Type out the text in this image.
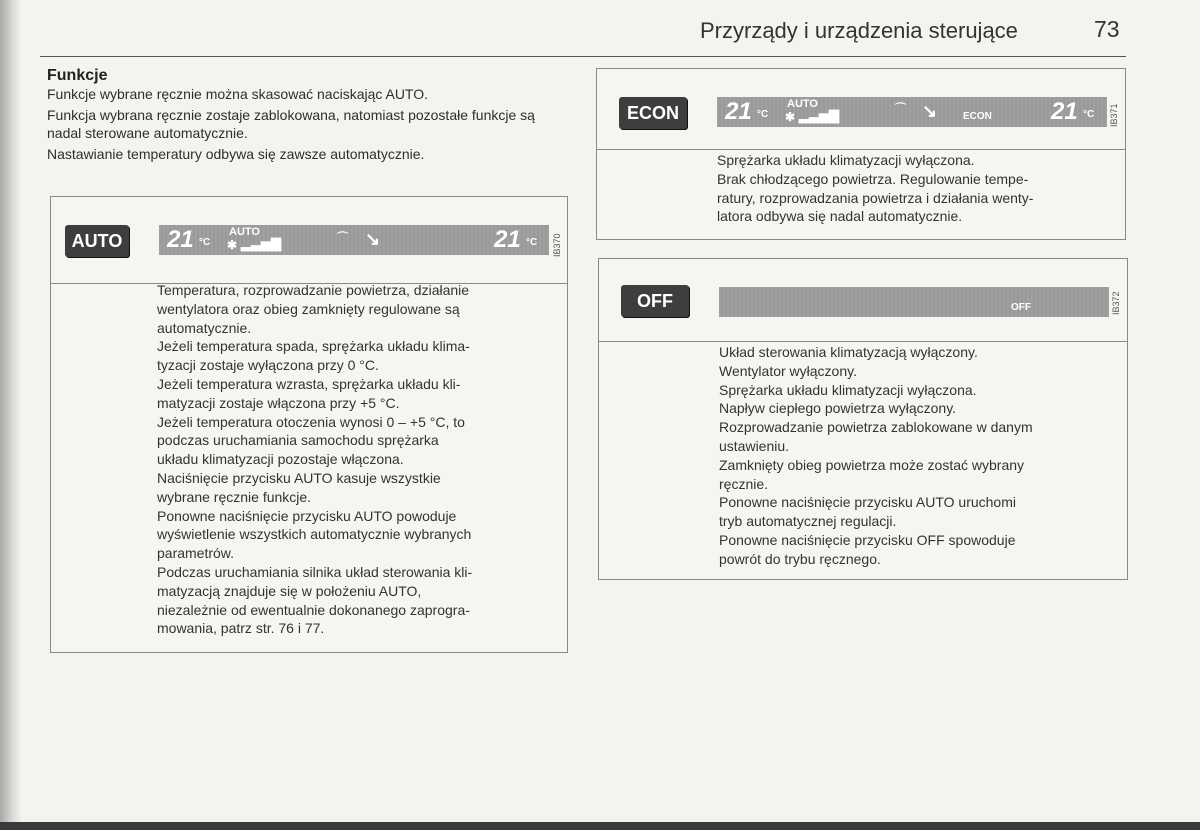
Przyrządy i urządzenia sterujące	73
Funkcje

Funkcje wybrane ręcznie można skasować naciskając AUTO.

Funkcja wybrana ręcznie zostaje zablokowana, natomiast pozostałe funkcje są nadal sterowane automatycznie.

Nastawianie temperatury odbywa się zawsze automatycznie.

AUTO 21 °C
AUTO
✱ ▂▃▅▇	⌒ ↘	21 °C IB370
Temperatura, rozprowadzanie powietrza, działanie
wentylatora oraz obieg zamknięty regulowane są
automatycznie.
Jeżeli temperatura spada, sprężarka układu klima-
tyzacji zostaje wyłączona przy 0 °C.
Jeżeli temperatura wzrasta, sprężarka układu kli-
matyzacji zostaje włączona przy +5 °C.
Jeżeli temperatura otoczenia wynosi 0 – +5 °C, to
podczas uruchamiania samochodu sprężarka
układu klimatyzacji pozostaje włączona.
Naciśnięcie przycisku AUTO kasuje wszystkie
wybrane ręcznie funkcje.
Ponowne naciśnięcie przycisku AUTO powoduje
wyświetlenie wszystkich automatycznie wybranych
parametrów.
Podczas uruchamiania silnika układ sterowania kli-
matyzacją znajduje się w położeniu AUTO,
niezależnie od ewentualnie dokonanego zaprogra-
mowania, patrz str. 76 i 77.
ECON	21 °C
AUTO
✱ ▂▃▅▇	⌒ ↘	ECON 21 °C IB371
Sprężarka układu klimatyzacji wyłączona.
Brak chłodzącego powietrza. Regulowanie tempe-
ratury, rozprowadzania powietrza i działania wenty-
latora odbywa się nadal automatycznie.
OFF	OFF	IB372
Układ sterowania klimatyzacją wyłączony.
Wentylator wyłączony.
Sprężarka układu klimatyzacji wyłączona.
Napływ ciepłego powietrza wyłączony.
Rozprowadzanie powietrza zablokowane w danym
ustawieniu.
Zamknięty obieg powietrza może zostać wybrany
ręcznie.
Ponowne naciśnięcie przycisku AUTO uruchomi
tryb automatycznej regulacji.
Ponowne naciśnięcie przycisku OFF spowoduje
powrót do trybu ręcznego.
